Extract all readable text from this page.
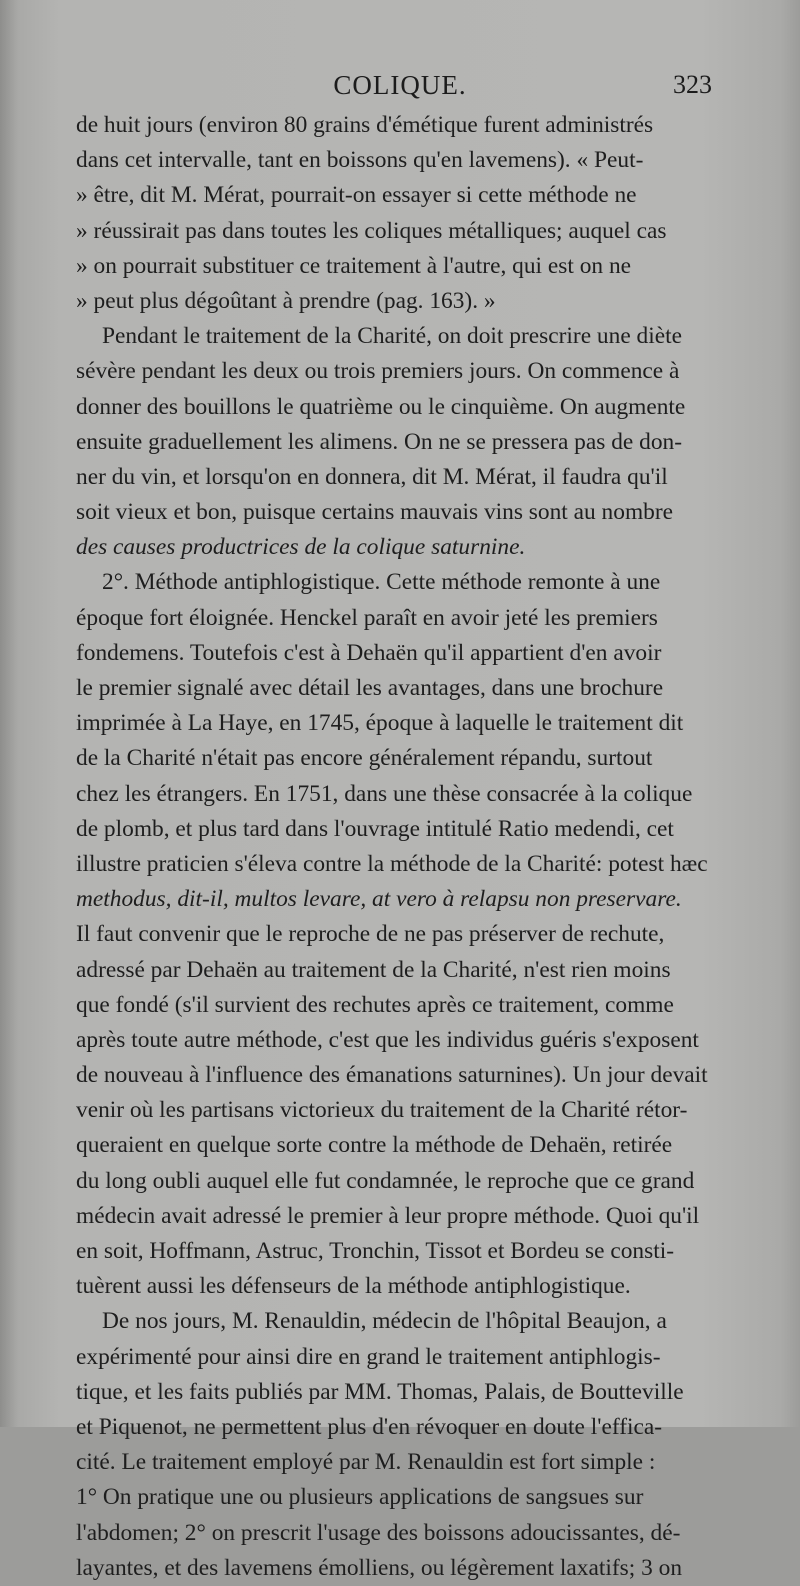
COLIQUE.	323
de huit jours (environ 80 grains d'émétique furent administrés
dans cet intervalle, tant en boissons qu'en lavemens). « Peut-
» être, dit M. Mérat, pourrait-on essayer si cette méthode ne
» réussirait pas dans toutes les coliques métalliques; auquel cas
» on pourrait substituer ce traitement à l'autre, qui est on ne
» peut plus dégoûtant à prendre (pag. 163). »
Pendant le traitement de la Charité, on doit prescrire une diète
sévère pendant les deux ou trois premiers jours. On commence à
donner des bouillons le quatrième ou le cinquième. On augmente
ensuite graduellement les alimens. On ne se pressera pas de don-
ner du vin, et lorsqu'on en donnera, dit M. Mérat, il faudra qu'il
soit vieux et bon, puisque certains mauvais vins sont au nombre
des causes productrices de la colique saturnine.
2°. Méthode antiphlogistique. Cette méthode remonte à une
époque fort éloignée. Henckel paraît en avoir jeté les premiers
fondemens. Toutefois c'est à Dehaën qu'il appartient d'en avoir
le premier signalé avec détail les avantages, dans une brochure
imprimée à La Haye, en 1745, époque à laquelle le traitement dit
de la Charité n'était pas encore généralement répandu, surtout
chez les étrangers. En 1751, dans une thèse consacrée à la colique
de plomb, et plus tard dans l'ouvrage intitulé Ratio medendi, cet
illustre praticien s'éleva contre la méthode de la Charité: potest hæc
methodus, dit-il, multos levare, at vero à relapsu non preservare.
Il faut convenir que le reproche de ne pas préserver de rechute,
adressé par Dehaën au traitement de la Charité, n'est rien moins
que fondé (s'il survient des rechutes après ce traitement, comme
après toute autre méthode, c'est que les individus guéris s'exposent
de nouveau à l'influence des émanations saturnines). Un jour devait
venir où les partisans victorieux du traitement de la Charité rétor-
queraient en quelque sorte contre la méthode de Dehaën, retirée
du long oubli auquel elle fut condamnée, le reproche que ce grand
médecin avait adressé le premier à leur propre méthode. Quoi qu'il
en soit, Hoffmann, Astruc, Tronchin, Tissot et Bordeu se consti-
tuèrent aussi les défenseurs de la méthode antiphlogistique.
De nos jours, M. Renauldin, médecin de l'hôpital Beaujon, a
expérimenté pour ainsi dire en grand le traitement antiphlogis-
tique, et les faits publiés par MM. Thomas, Palais, de Boutteville
et Piquenot, ne permettent plus d'en révoquer en doute l'effica-
cité. Le traitement employé par M. Renauldin est fort simple :
1° On pratique une ou plusieurs applications de sangsues sur
l'abdomen; 2° on prescrit l'usage des boissons adoucissantes, dé-
layantes, et des lavemens émolliens, ou légèrement laxatifs; 3 on
